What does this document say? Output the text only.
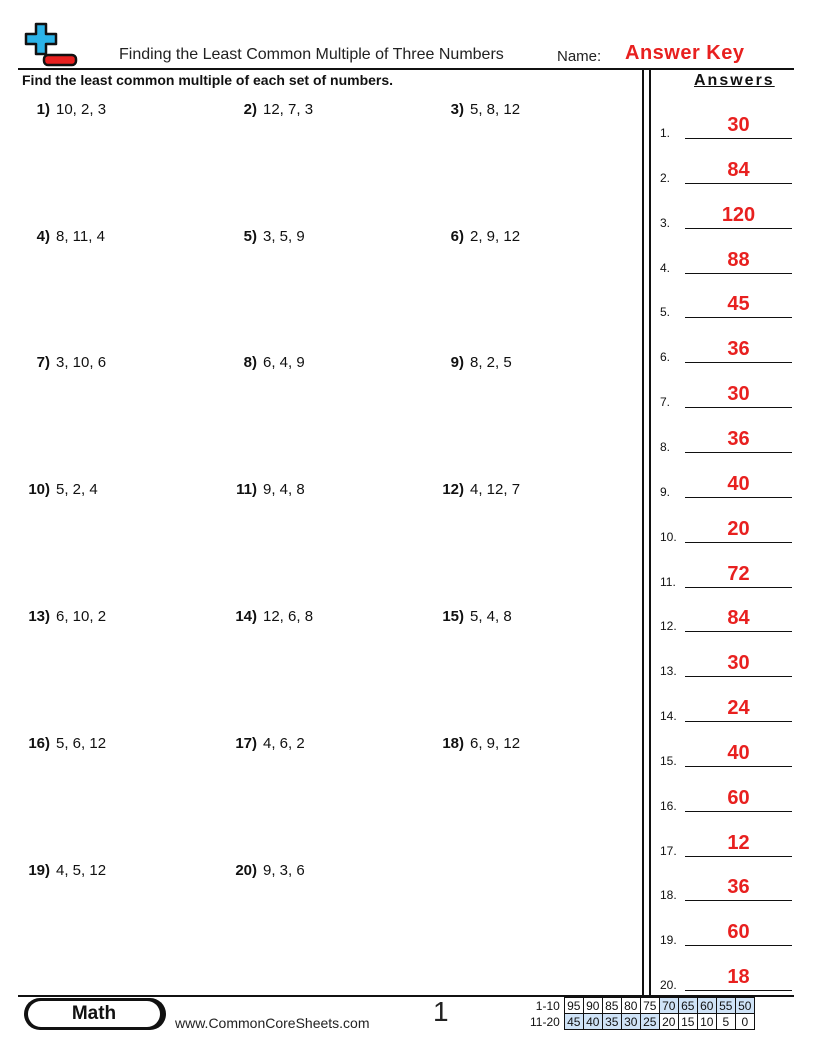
Finding the Least Common Multiple of Three Numbers	Name: Answer Key
Find the least common multiple of each set of numbers.	Answers
1.	30
2.	84
3.	120
4.	88
5.	45
6.	36
7.	30
8.	36
9.	40
10.	20
11.	72
12.	84
13.	30
14.	24
15.	40
16.	60
17.	12
18.	36
19.	60
20.	18
1) 10, 2, 3	2) 12, 7, 3	3) 5, 8, 12
4) 8, 11, 4	5) 3, 5, 9	6) 2, 9, 12
7) 3, 10, 6	8) 6, 4, 9	9) 8, 2, 5
10) 5, 2, 4	11) 9, 4, 8	12) 4, 12, 7
13) 6, 10, 2	14) 12, 6, 8	15) 5, 4, 8
16) 5, 6, 12	17) 4, 6, 2	18) 6, 9, 12
19) 4, 5, 12	20) 9, 3, 6
Math	www.CommonCoreSheets.com 1	1-10	95	90	85	80	75	70	65	60	55	50
11-20	45	40	35	30	25	20	15	10	5	0
